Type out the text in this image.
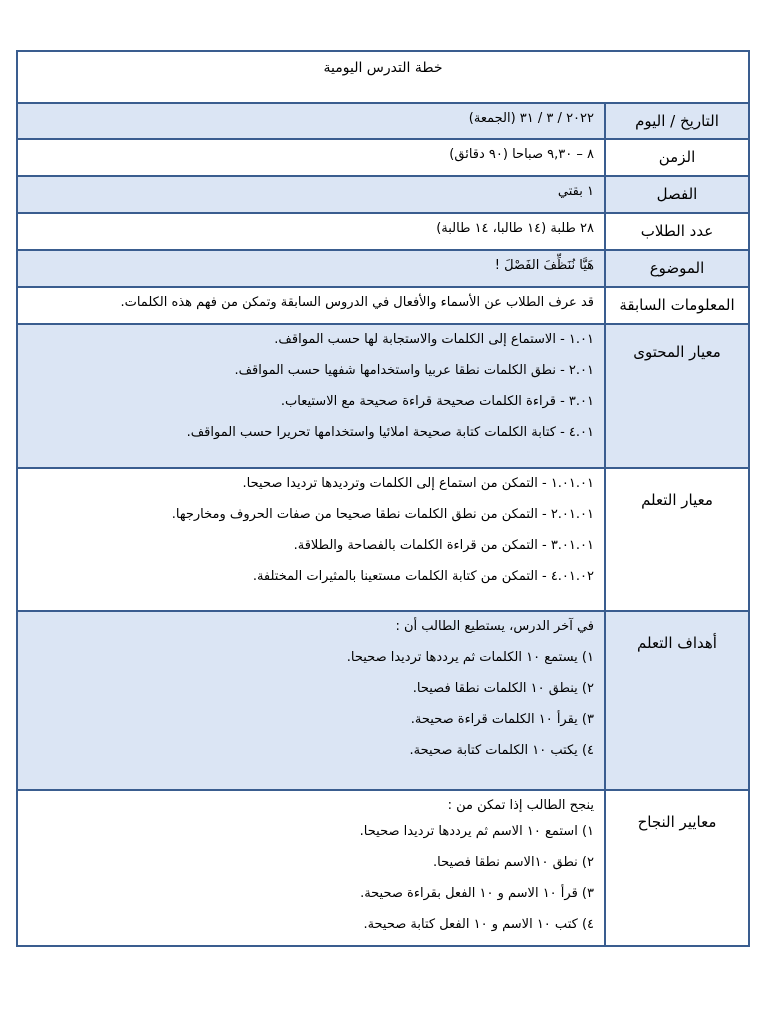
خطة التدرس اليومية	
التاريخ / اليوم	٢٠٢٢ / ٣ / ٣١ (الجمعة)
الزمن	٨ – ٩,٣٠ صباحا (٩٠ دقائق)
الفصل	١ بقتي
عدد الطلاب	٢٨ طلبة (١٤ طالبا، ١٤ طالبة)
الموضوع	هَيَّا نُنَظِّفَ الفَصْلَ !
المعلومات السابقة	قد عرف الطلاب عن الأسماء والأفعال في الدروس السابقة وتمكن من فهم هذه الكلمات.
معيار المحتوى	١.٠١ - الاستماع إلى الكلمات والاستجابة لها حسب المواقف.
٢.٠١ - نطق الكلمات نطقا عربيا واستخدامها شفهيا حسب المواقف.
٣.٠١ - قراءة الكلمات صحيحة قراءة صحيحة مع الاستيعاب.
٤.٠١ - كتابة الكلمات كتابة صحيحة املائيا واستخدامها تحريرا حسب المواقف.

معيار التعلم	١.٠١.٠١ - التمكن من استماع إلى الكلمات وترديدها ترديدا صحيحا.
٢.٠١.٠١ - التمكن من نطق الكلمات نطقا صحيحا من صفات الحروف ومخارجها.
٣.٠١.٠١ - التمكن من قراءة الكلمات بالفصاحة والطلاقة.
٤.٠١.٠٢ - التمكن من كتابة الكلمات مستعينا بالمثيرات المختلفة.

أهداف التعلم	في آخر الدرس، يستطيع الطالب أن :
١) يستمع ١٠ الكلمات ثم يرددها ترديدا صحيحا.
٢) ينطق ١٠ الكلمات نطقا فصيحا.
٣) يقرأ ١٠ الكلمات قراءة صحيحة.
٤) يكتب ١٠ الكلمات كتابة صحيحة.

معايير النجاح	ينجح الطالب إذا تمكن من :
١) استمع ١٠ الاسم ثم يرددها ترديدا صحيحا.
٢) نطق ١٠الاسم نطقا فصيحا.
٣) قرأ ١٠ الاسم و ١٠ الفعل بقراءة صحيحة.
٤) كتب ١٠ الاسم و ١٠ الفعل كتابة صحيحة.
